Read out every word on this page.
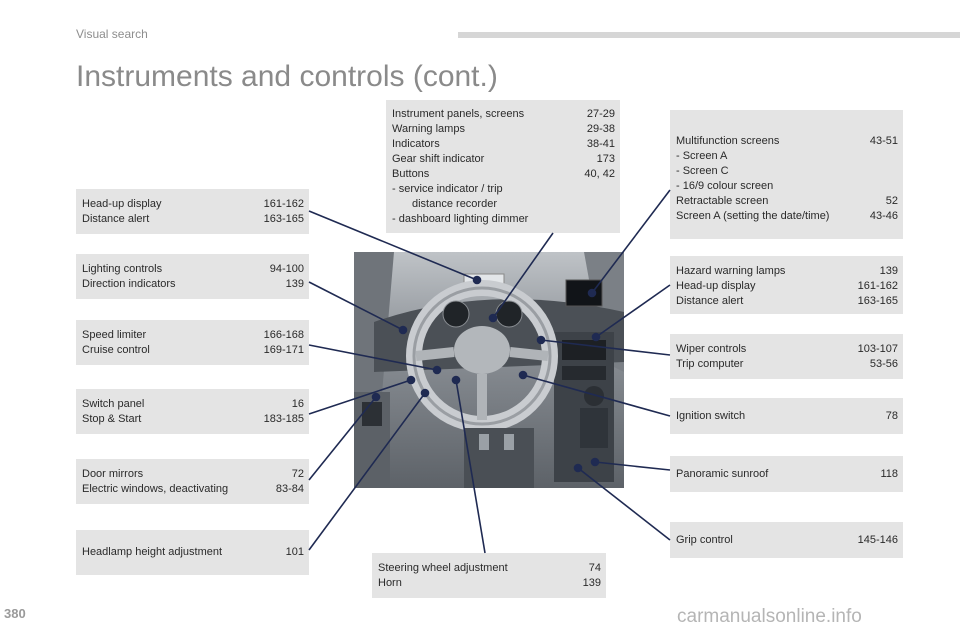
Visual search
Instruments and controls (cont.)
Instrument panels, screens	27-29
Warning lamps	29-38
Indicators	38-41
Gear shift indicator	173
Buttons	40, 42
- service indicator / trip
distance recorder
- dashboard lighting dimmer
Multifunction screens	43-51
- Screen A
- Screen C
- 16/9 colour screen
Retractable screen	52
Screen A (setting the date/time)	43-46
Head-up display	161-162
Distance alert	163-165
Lighting controls	94-100
Direction indicators	139
Speed limiter	166-168
Cruise control	169-171
Switch panel	16
Stop & Start	183-185
Door mirrors	72
Electric windows, deactivating	83-84
Headlamp height adjustment	101
Steering wheel adjustment	74
Horn	139
Hazard warning lamps	139
Head-up display	161-162
Distance alert	163-165
Wiper controls	103-107
Trip computer	53-56
Ignition switch	78
Panoramic sunroof	118
Grip control	145-146
380	carmanualsonline.info
